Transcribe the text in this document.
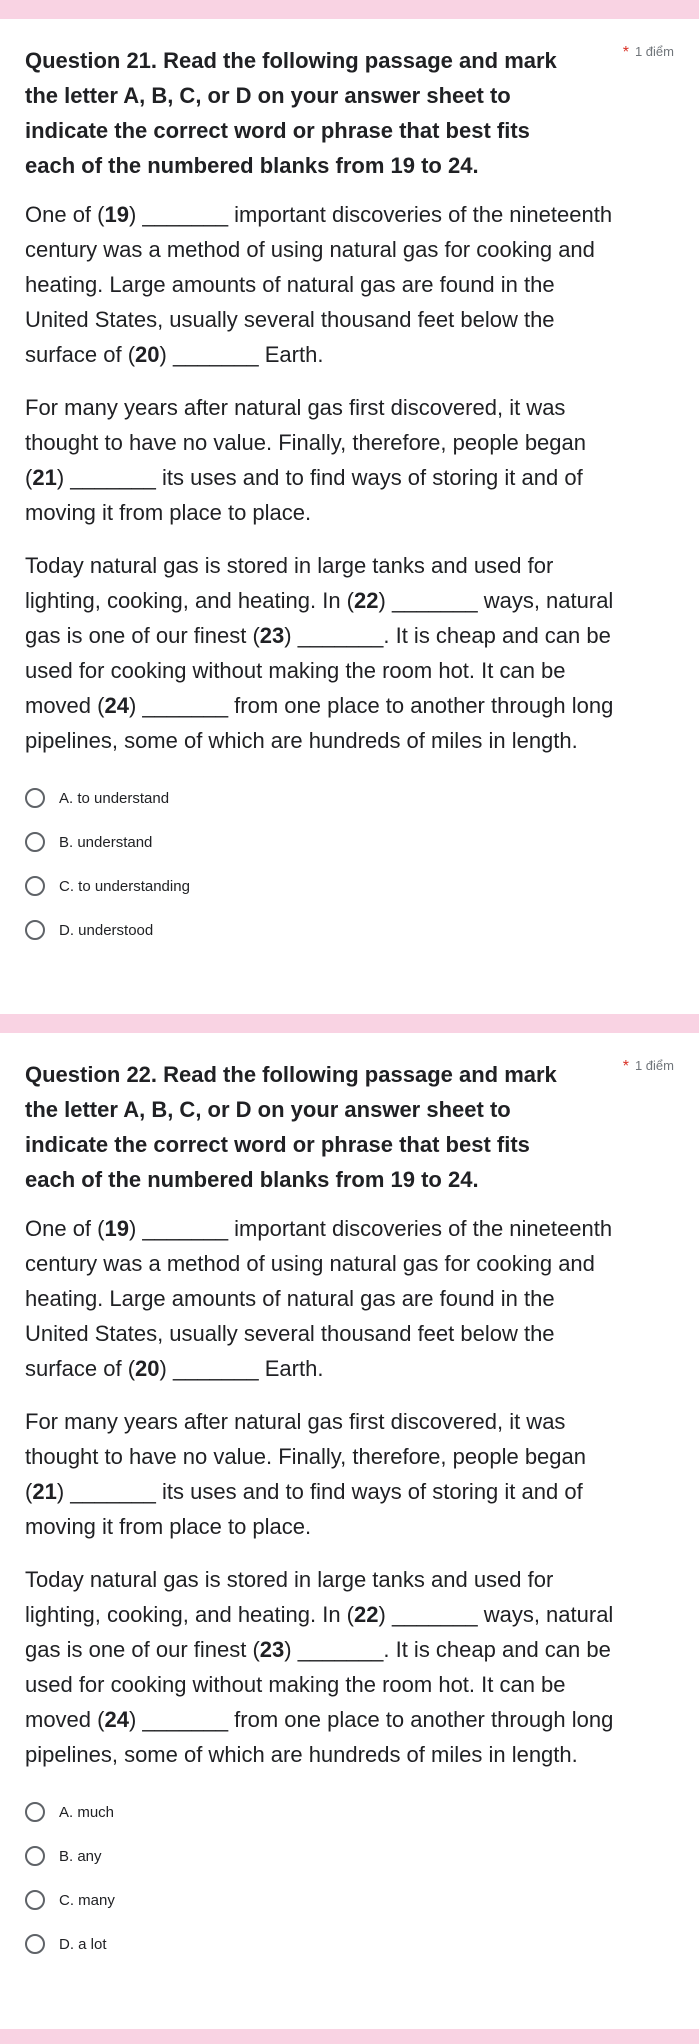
Question 21. Read the following passage and mark the letter A, B, C, or D on your answer sheet to indicate the correct word or phrase that best fits each of the numbered blanks from 19 to 24.
* 1 điểm

One of (19) _______ important discoveries of the nineteenth century was a method of using natural gas for cooking and heating. Large amounts of natural gas are found in the United States, usually several thousand feet below the surface of (20) _______ Earth.

For many years after natural gas first discovered, it was thought to have no value. Finally, therefore, people began (21) _______ its uses and to find ways of storing it and of moving it from place to place.

Today natural gas is stored in large tanks and used for lighting, cooking, and heating. In (22) _______ ways, natural gas is one of our finest (23) _______. It is cheap and can be used for cooking without making the room hot. It can be moved (24) _______ from one place to another through long pipelines, some of which are hundreds of miles in length.

A. to understand
B. understand
C. to understanding
D. understood
Question 22. Read the following passage and mark the letter A, B, C, or D on your answer sheet to indicate the correct word or phrase that best fits each of the numbered blanks from 19 to 24.
* 1 điểm

One of (19) _______ important discoveries of the nineteenth century was a method of using natural gas for cooking and heating. Large amounts of natural gas are found in the United States, usually several thousand feet below the surface of (20) _______ Earth.

For many years after natural gas first discovered, it was thought to have no value. Finally, therefore, people began (21) _______ its uses and to find ways of storing it and of moving it from place to place.

Today natural gas is stored in large tanks and used for lighting, cooking, and heating. In (22) _______ ways, natural gas is one of our finest (23) _______. It is cheap and can be used for cooking without making the room hot. It can be moved (24) _______ from one place to another through long pipelines, some of which are hundreds of miles in length.

A. much
B. any
C. many
D. a lot
